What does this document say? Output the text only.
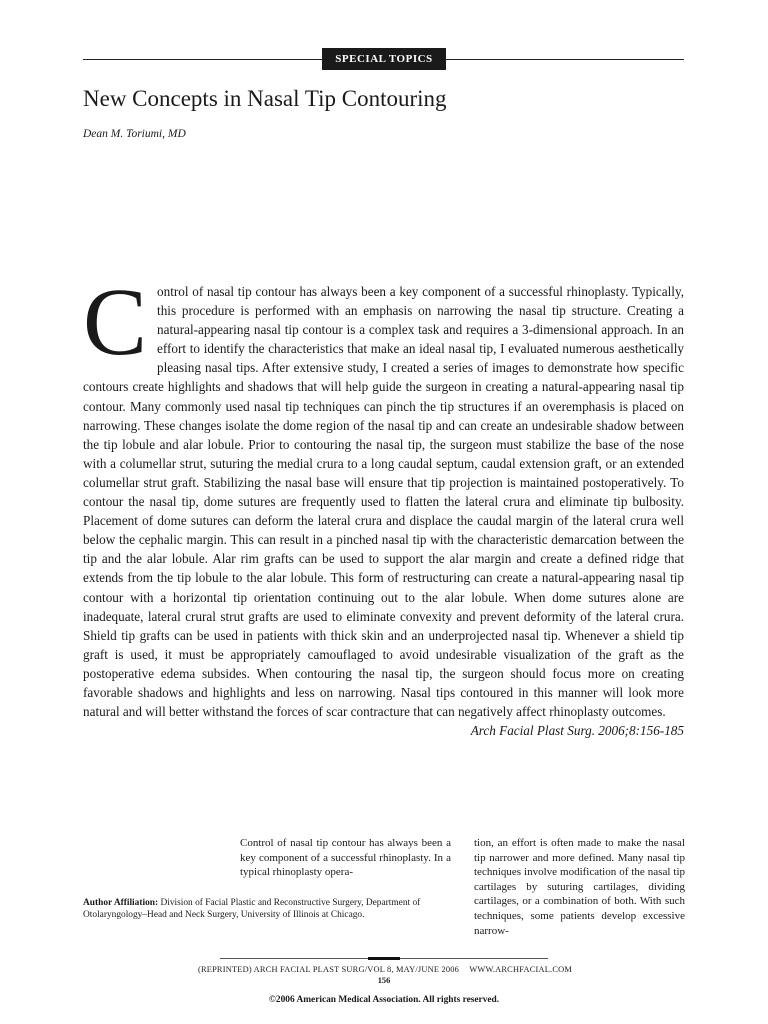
SPECIAL TOPICS
New Concepts in Nasal Tip Contouring
Dean M. Toriumi, MD
C ontrol of nasal tip contour has always been a key component of a successful rhinoplasty. Typically, this procedure is performed with an emphasis on narrowing the nasal tip structure. Creating a natural-appearing nasal tip contour is a complex task and requires a 3-dimensional approach. In an effort to identify the characteristics that make an ideal nasal tip, I evaluated numerous aesthetically pleasing nasal tips. After extensive study, I created a series of images to demonstrate how specific contours create highlights and shadows that will help guide the surgeon in creating a natural-appearing nasal tip contour. Many commonly used nasal tip techniques can pinch the tip structures if an overemphasis is placed on narrowing. These changes isolate the dome region of the nasal tip and can create an undesirable shadow between the tip lobule and alar lobule. Prior to contouring the nasal tip, the surgeon must stabilize the base of the nose with a columellar strut, suturing the medial crura to a long caudal septum, caudal extension graft, or an extended columellar strut graft. Stabilizing the nasal base will ensure that tip projection is maintained postoperatively. To contour the nasal tip, dome sutures are frequently used to flatten the lateral crura and eliminate tip bulbosity. Placement of dome sutures can deform the lateral crura and displace the caudal margin of the lateral crura well below the cephalic margin. This can result in a pinched nasal tip with the characteristic demarcation between the tip and the alar lobule. Alar rim grafts can be used to support the alar margin and create a defined ridge that extends from the tip lobule to the alar lobule. This form of restructuring can create a natural-appearing nasal tip contour with a horizontal tip orientation continuing out to the alar lobule. When dome sutures alone are inadequate, lateral crural strut grafts are used to eliminate convexity and prevent deformity of the lateral crura. Shield tip grafts can be used in patients with thick skin and an underprojected nasal tip. Whenever a shield tip graft is used, it must be appropriately camouflaged to avoid undesirable visualization of the graft as the postoperative edema subsides. When contouring the nasal tip, the surgeon should focus more on creating favorable shadows and highlights and less on narrowing. Nasal tips contoured in this manner will look more natural and will better withstand the forces of scar contracture that can negatively affect rhinoplasty outcomes.
Arch Facial Plast Surg. 2006;8:156-185
Control of nasal tip contour has always been a key component of a successful rhinoplasty. In a typical rhinoplasty opera-
tion, an effort is often made to make the nasal tip narrower and more defined. Many nasal tip techniques involve modification of the nasal tip cartilages by suturing cartilages, dividing cartilages, or a combination of both. With such techniques, some patients develop excessive narrow-
Author Affiliation: Division of Facial Plastic and Reconstructive Surgery, Department of Otolaryngology–Head and Neck Surgery, University of Illinois at Chicago.
(REPRINTED) ARCH FACIAL PLAST SURG/VOL 8, MAY/JUNE 2006 WWW.ARCHFACIAL.COM
156
©2006 American Medical Association. All rights reserved.
